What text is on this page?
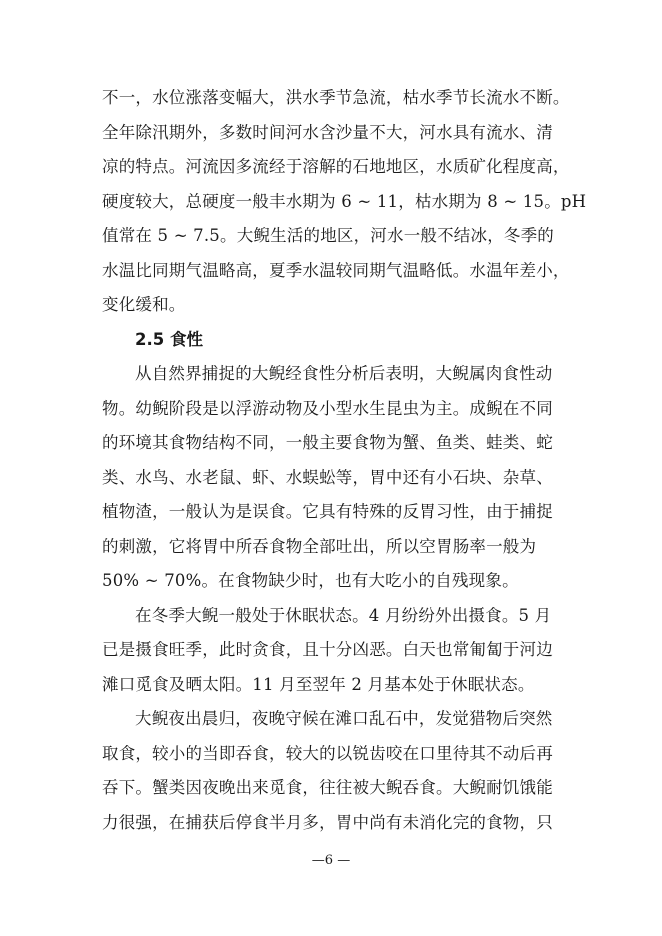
不一，水位涨落变幅大，洪水季节急流，枯水季节长流水不断。
全年除汛期外，多数时间河水含沙量不大，河水具有流水、清
凉的特点。河流因多流经于溶解的石地地区，水质矿化程度高，
硬度较大，总硬度一般丰水期为 6 ~ 11，枯水期为 8 ~ 15。pH
值常在 5 ~ 7.5。大鲵生活的地区，河水一般不结冰，冬季的
水温比同期气温略高，夏季水温较同期气温略低。水温年差小，
变化缓和。
2.5 食性
从自然界捕捉的大鲵经食性分析后表明，大鲵属肉食性动
物。幼鲵阶段是以浮游动物及小型水生昆虫为主。成鲵在不同
的环境其食物结构不同，一般主要食物为蟹、鱼类、蛙类、蛇
类、水鸟、水老鼠、虾、水蜈蚣等，胃中还有小石块、杂草、
植物渣，一般认为是误食。它具有特殊的反胃习性，由于捕捉
的刺激，它将胃中所吞食物全部吐出，所以空胃肠率一般为
50% ~ 70%。在食物缺少时，也有大吃小的自残现象。
在冬季大鲵一般处于休眠状态。4 月纷纷外出摄食。5 月
已是摄食旺季，此时贪食，且十分凶恶。白天也常匍匐于河边
滩口觅食及晒太阳。11 月至翌年 2 月基本处于休眠状态。
大鲵夜出晨归，夜晚守候在滩口乱石中，发觉猎物后突然
取食，较小的当即吞食，较大的以锐齿咬在口里待其不动后再
吞下。蟹类因夜晚出来觅食，往往被大鲵吞食。大鲵耐饥饿能
力很强，在捕获后停食半月多，胃中尚有未消化完的食物，只
—6 —
